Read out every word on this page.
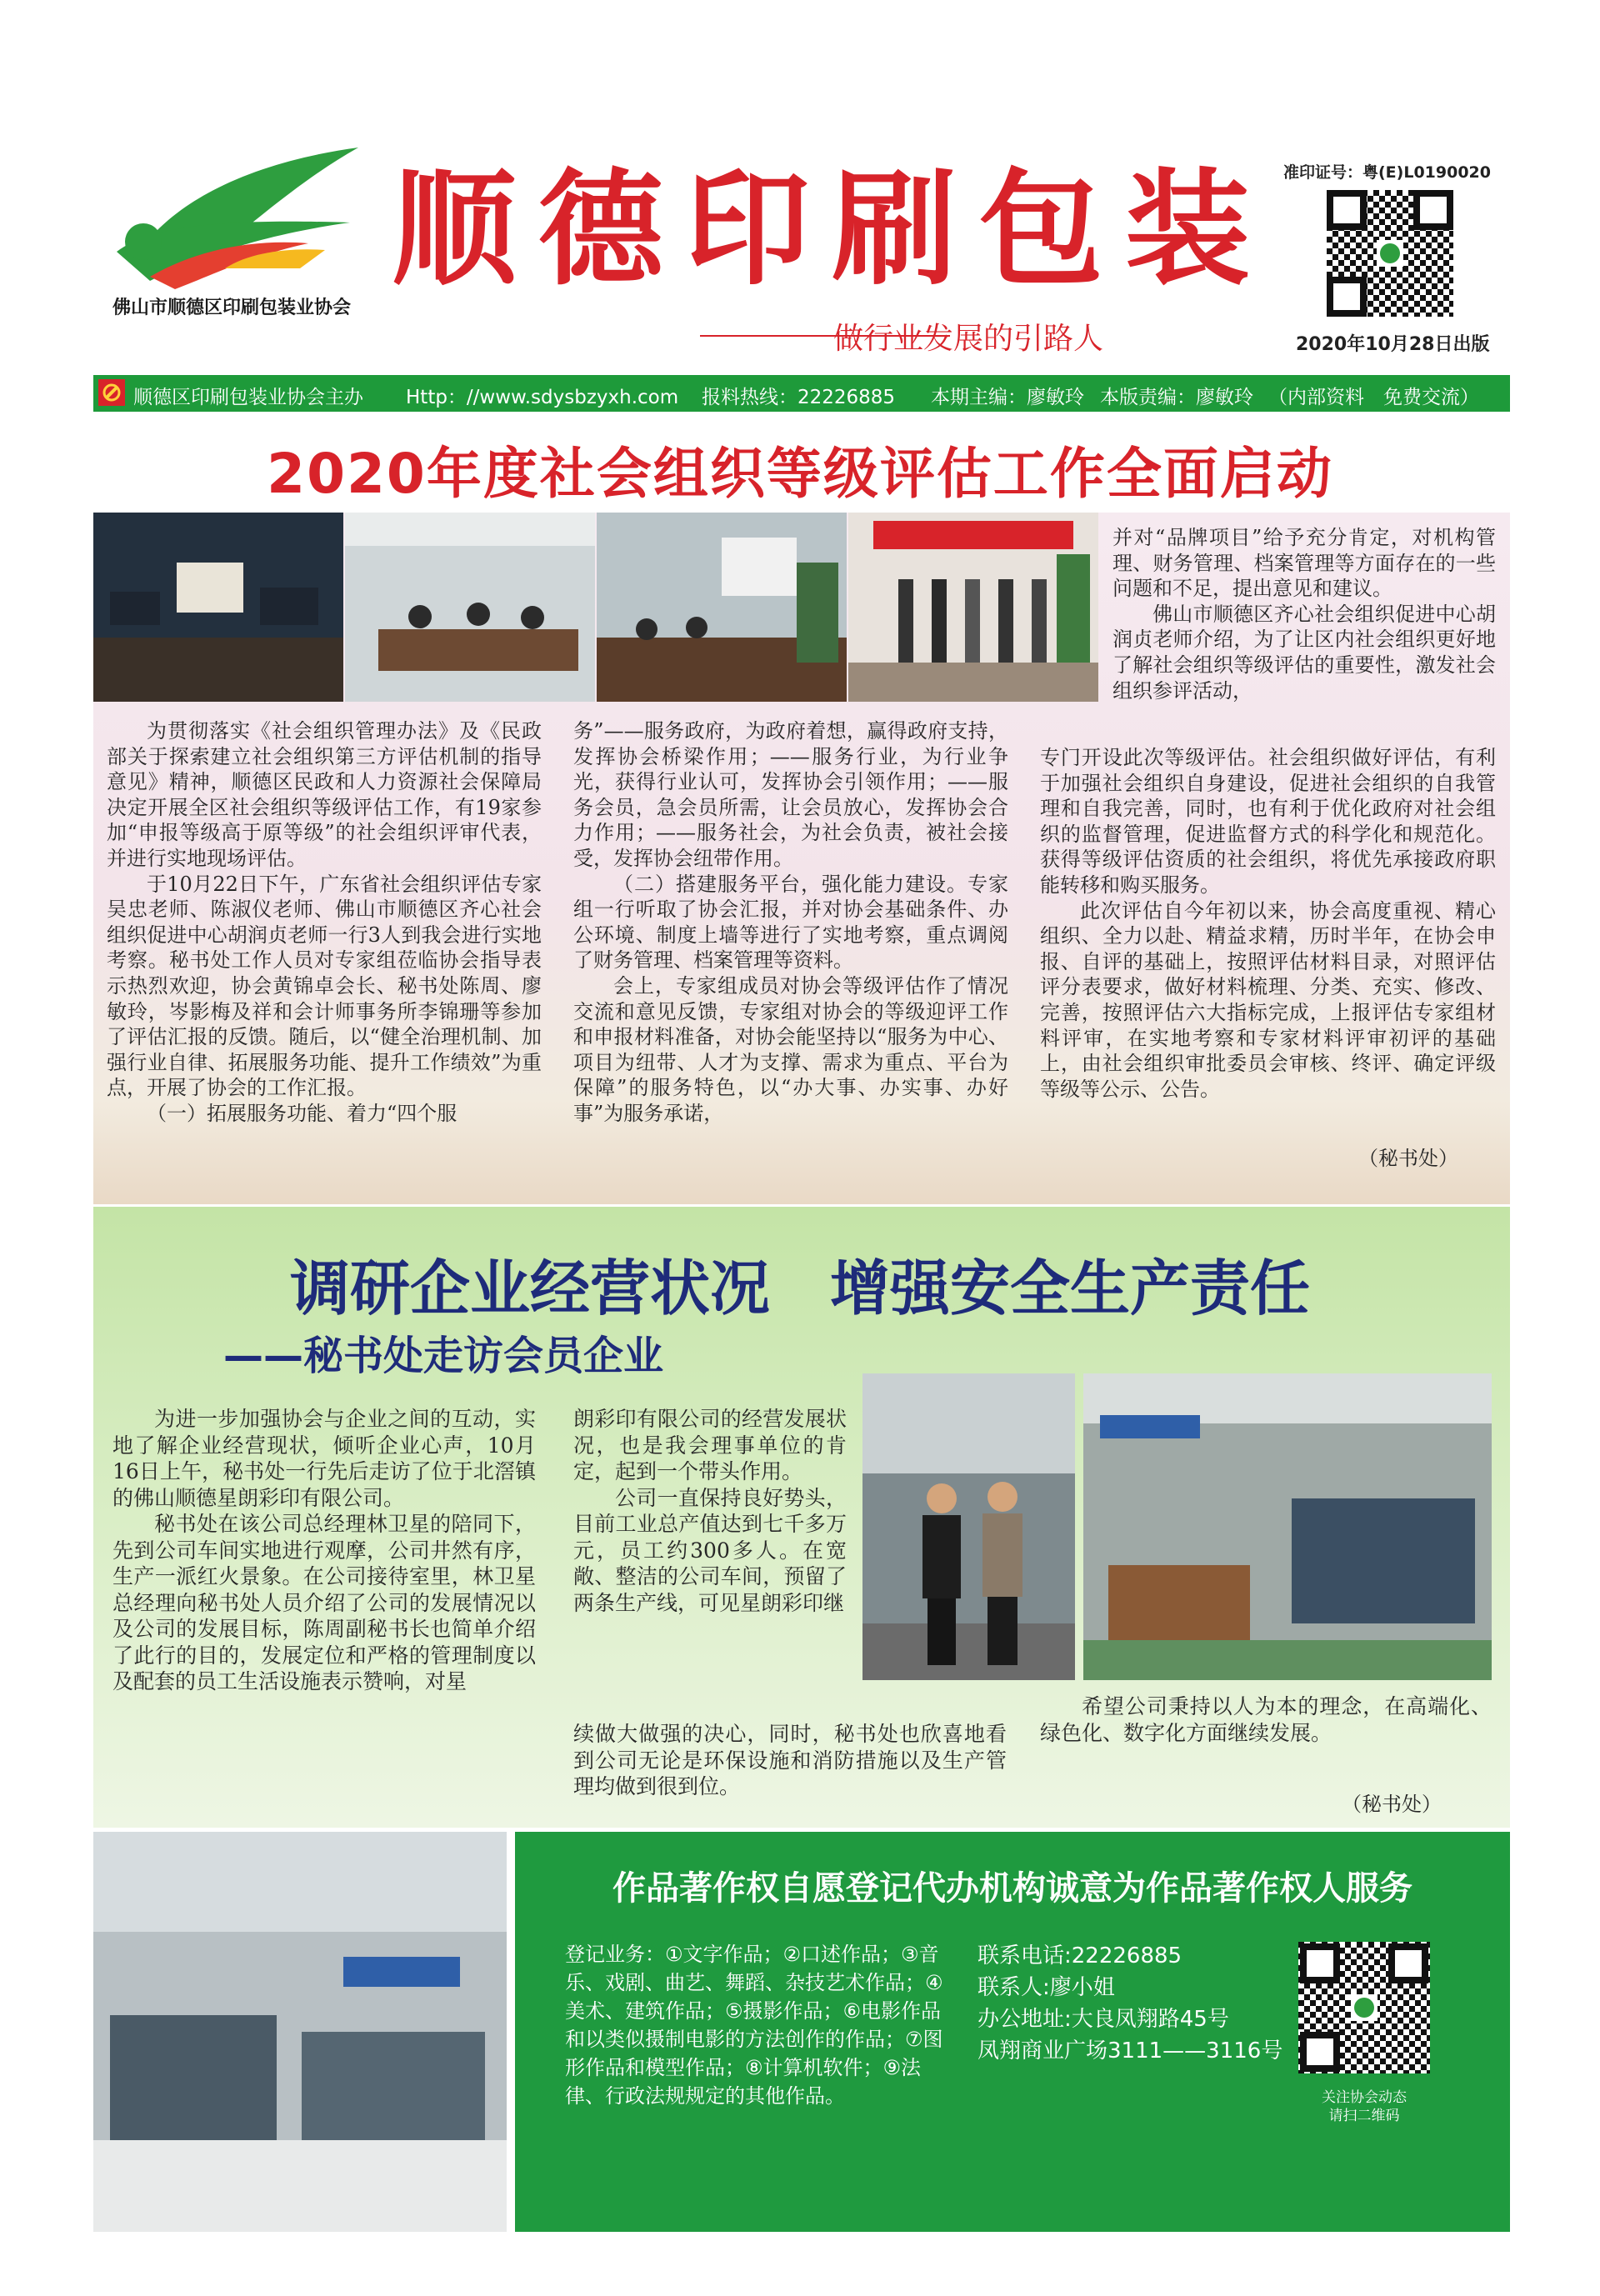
佛山市顺德区印刷包装业协会
顺德印刷包装
做行业发展的引路人
准印证号：粤(E)L0190020
2020年10月28日出版
顺德区印刷包装业协会主办 Http：//www.sdysbzyxh.com 报料热线：22226885 本期主编：廖敏玲 本版责编：廖敏玲 （内部资料　免费交流）
2020年度社会组织等级评估工作全面启动

为贯彻落实《社会组织管理办法》及《民政部关于探索建立社会组织第三方评估机制的指导意见》精神，顺德区民政和人力资源社会保障局决定开展全区社会组织等级评估工作，有19家参加“申报等级高于原等级”的社会组织评审代表，并进行实地现场评估。

于10月22日下午，广东省社会组织评估专家吴忠老师、陈淑仪老师、佛山市顺德区齐心社会组织促进中心胡润贞老师一行3人到我会进行实地考察。秘书处工作人员对专家组莅临协会指导表示热烈欢迎，协会黄锦卓会长、秘书处陈周、廖敏玲，岑影梅及祥和会计师事务所李锦珊等参加了评估汇报的反馈。随后，以“健全治理机制、加强行业自律、拓展服务功能、提升工作绩效”为重点，开展了协会的工作汇报。

（一）拓展服务功能、着力“四个服

务”——服务政府，为政府着想，赢得政府支持，发挥协会桥梁作用；——服务行业，为行业争光，获得行业认可，发挥协会引领作用；——服务会员，急会员所需，让会员放心，发挥协会合力作用；——服务社会，为社会负责，被社会接受，发挥协会纽带作用。

（二）搭建服务平台，强化能力建设。专家组一行听取了协会汇报，并对协会基础条件、办公环境、制度上墙等进行了实地考察，重点调阅了财务管理、档案管理等资料。

会上，专家组成员对协会等级评估作了情况交流和意见反馈，专家组对协会的等级迎评工作和申报材料准备，对协会能坚持以“服务为中心、项目为纽带、人才为支撑、需求为重点、平台为保障”的服务特色，以“办大事、办实事、办好事”为服务承诺，

并对“品牌项目”给予充分肯定，对机构管理、财务管理、档案管理等方面存在的一些问题和不足，提出意见和建议。

佛山市顺德区齐心社会组织促进中心胡润贞老师介绍，为了让区内社会组织更好地了解社会组织等级评估的重要性，激发社会组织参评活动，

专门开设此次等级评估。社会组织做好评估，有利于加强社会组织自身建设，促进社会组织的自我管理和自我完善，同时，也有利于优化政府对社会组织的监督管理，促进监督方式的科学化和规范化。获得等级评估资质的社会组织，将优先承接政府职能转移和购买服务。

此次评估自今年初以来，协会高度重视、精心组织、全力以赴、精益求精，历时半年，在协会申报、自评的基础上，按照评估材料目录，对照评估评分表要求，做好材料梳理、分类、充实、修改、完善，按照评估六大指标完成，上报评估专家组材料评审，在实地考察和专家材料评审初评的基础上，由社会组织审批委员会审核、终评、确定评级等级等公示、公告。

（秘书处）
调研企业经营状况　增强安全生产责任
——秘书处走访会员企业

为进一步加强协会与企业之间的互动，实地了解企业经营现状，倾听企业心声，10月16日上午，秘书处一行先后走访了位于北滘镇的佛山顺德星朗彩印有限公司。

秘书处在该公司总经理林卫星的陪同下，先到公司车间实地进行观摩，公司井然有序，生产一派红火景象。在公司接待室里，林卫星总经理向秘书处人员介绍了公司的发展情况以及公司的发展目标，陈周副秘书长也简单介绍了此行的目的，发展定位和严格的管理制度以及配套的员工生活设施表示赞响，对星

朗彩印有限公司的经营发展状况，也是我会理事单位的肯定，起到一个带头作用。

公司一直保持良好势头，目前工业总产值达到七千多万元，员工约300多人。在宽敞、整洁的公司车间，预留了两条生产线，可见星朗彩印继

续做大做强的决心，同时，秘书处也欣喜地看到公司无论是环保设施和消防措施以及生产管理均做到很到位。

希望公司秉持以人为本的理念，在高端化、绿色化、数字化方面继续发展。

（秘书处）
作品著作权自愿登记代办机构诚意为作品著作权人服务
登记业务：①文字作品；②口述作品；③音乐、戏剧、曲艺、舞蹈、杂技艺术作品；④美术、建筑作品；⑤摄影作品；⑥电影作品和以类似摄制电影的方法创作的作品；⑦图形作品和模型作品；⑧计算机软件；⑨法律、行政法规规定的其他作品。
联系电话:22226885
联系人:廖小姐
办公地址:大良凤翔路45号
凤翔商业广场3111——3116号
关注协会动态
请扫二维码
